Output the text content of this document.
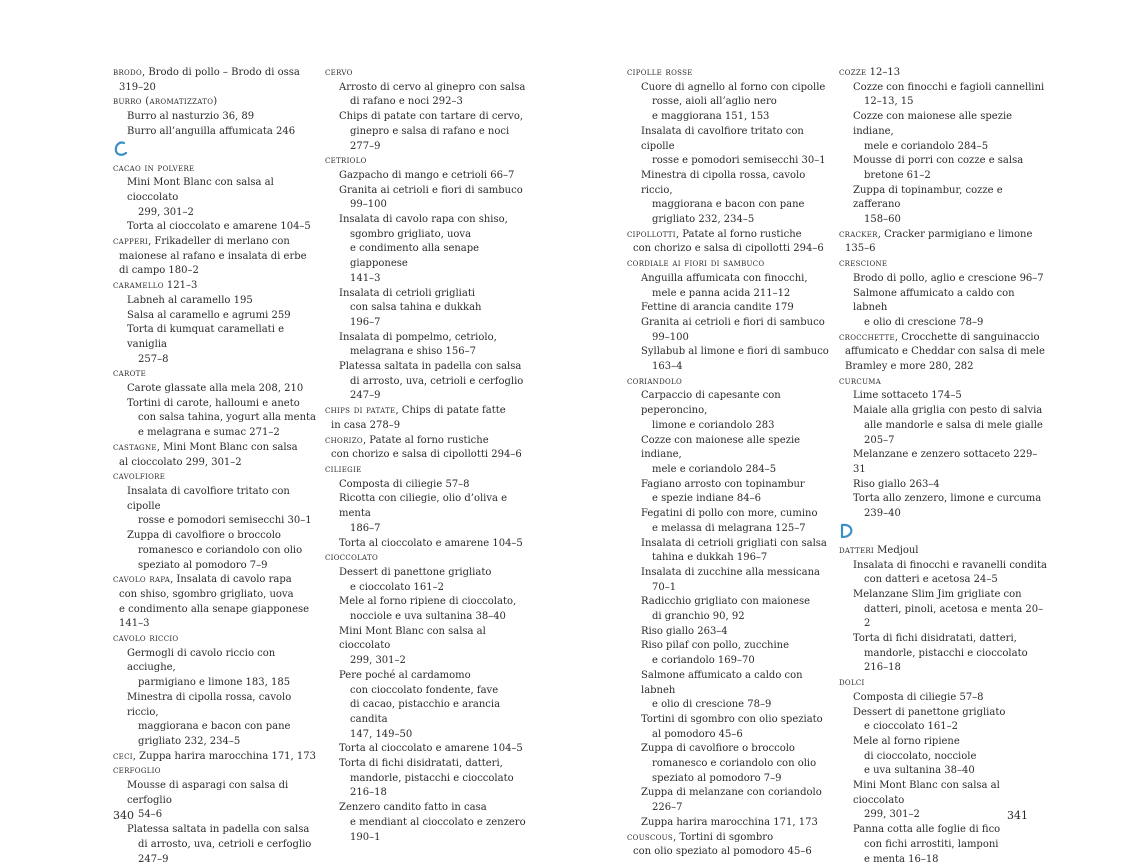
brodo, Brodo di pollo – Brodo di ossa

319–20

burro (aromatizzato)

Burro al nasturzio 36, 89

Burro all’anguilla affumicata 246

cacao in polvere

Mini Mont Blanc con salsa al cioccolato

299, 301–2

Torta al cioccolato e amarene 104–5

capperi, Frikadeller di merlano con

maionese al rafano e insalata di erbe

di campo 180–2

caramello 121–3

Labneh al caramello 195

Salsa al caramello e agrumi 259

Torta di kumquat caramellati e vaniglia

257–8

carote

Carote glassate alla mela 208, 210

Tortini di carote, halloumi e aneto

con salsa tahina, yogurt alla menta

e melagrana e sumac 271–2

castagne, Mini Mont Blanc con salsa

al cioccolato 299, 301–2

cavolfiore

Insalata di cavolfiore tritato con cipolle

rosse e pomodori semisecchi 30–1

Zuppa di cavolfiore o broccolo

romanesco e coriandolo con olio

speziato al pomodoro 7–9

cavolo rapa, Insalata di cavolo rapa

con shiso, sgombro grigliato, uova

e condimento alla senape giapponese

141–3

cavolo riccio

Germogli di cavolo riccio con acciughe,

parmigiano e limone 183, 185

Minestra di cipolla rossa, cavolo riccio,

maggiorana e bacon con pane

grigliato 232, 234–5

ceci, Zuppa harira marocchina 171, 173

cerfoglio

Mousse di asparagi con salsa di cerfoglio

54–6

Platessa saltata in padella con salsa

di arrosto, uva, cetrioli e cerfoglio

247–9

cervo

Arrosto di cervo al ginepro con salsa

di rafano e noci 292–3

Chips di patate con tartare di cervo,

ginepro e salsa di rafano e noci

277–9

cetriolo

Gazpacho di mango e cetrioli 66–7

Granita ai cetrioli e fiori di sambuco

99–100

Insalata di cavolo rapa con shiso,

sgombro grigliato, uova

e condimento alla senape giapponese

141–3

Insalata di cetrioli grigliati

con salsa tahina e dukkah

196–7

Insalata di pompelmo, cetriolo,

melagrana e shiso 156–7

Platessa saltata in padella con salsa

di arrosto, uva, cetrioli e cerfoglio

247–9

chips di patate, Chips di patate fatte

in casa 278–9

chorizo, Patate al forno rustiche

con chorizo e salsa di cipollotti 294–6

ciliegie

Composta di ciliegie 57–8

Ricotta con ciliegie, olio d’oliva e menta

186–7

Torta al cioccolato e amarene 104–5

cioccolato

Dessert di panettone grigliato

e cioccolato 161–2

Mele al forno ripiene di cioccolato,

nocciole e uva sultanina 38–40

Mini Mont Blanc con salsa al cioccolato

299, 301–2

Pere poché al cardamomo

con cioccolato fondente, fave

di cacao, pistacchio e arancia candita

147, 149–50

Torta al cioccolato e amarene 104–5

Torta di fichi disidratati, datteri,

mandorle, pistacchi e cioccolato

216–18

Zenzero candito fatto in casa

e mendiant al cioccolato e zenzero

190–1

cipolle rosse

Cuore di agnello al forno con cipolle

rosse, aioli all’aglio nero

e maggiorana 151, 153

Insalata di cavolfiore tritato con cipolle

rosse e pomodori semisecchi 30–1

Minestra di cipolla rossa, cavolo riccio,

maggiorana e bacon con pane

grigliato 232, 234–5

cipollotti, Patate al forno rustiche

con chorizo e salsa di cipollotti 294–6

cordiale ai fiori di sambuco

Anguilla affumicata con finocchi,

mele e panna acida 211–12

Fettine di arancia candite 179

Granita ai cetrioli e fiori di sambuco

99–100

Syllabub al limone e fiori di sambuco

163–4

coriandolo

Carpaccio di capesante con peperoncino,

limone e coriandolo 283

Cozze con maionese alle spezie indiane,

mele e coriandolo 284–5

Fagiano arrosto con topinambur

e spezie indiane 84–6

Fegatini di pollo con more, cumino

e melassa di melagrana 125–7

Insalata di cetrioli grigliati con salsa

tahina e dukkah 196–7

Insalata di zucchine alla messicana

70–1

Radicchio grigliato con maionese

di granchio 90, 92

Riso giallo 263–4

Riso pilaf con pollo, zucchine

e coriandolo 169–70

Salmone affumicato a caldo con labneh

e olio di crescione 78–9

Tortini di sgombro con olio speziato

al pomodoro 45–6

Zuppa di cavolfiore o broccolo

romanesco e coriandolo con olio

speziato al pomodoro 7–9

Zuppa di melanzane con coriandolo

226–7

Zuppa harira marocchina 171, 173

couscous, Tortini di sgombro

con olio speziato al pomodoro 45–6

cozze 12–13

Cozze con finocchi e fagioli cannellini

12–13, 15

Cozze con maionese alle spezie indiane,

mele e coriandolo 284–5

Mousse di porri con cozze e salsa

bretone 61–2

Zuppa di topinambur, cozze e zafferano

158–60

cracker, Cracker parmigiano e limone

135–6

crescione

Brodo di pollo, aglio e crescione 96–7

Salmone affumicato a caldo con labneh

e olio di crescione 78–9

crocchette, Crocchette di sanguinaccio

affumicato e Cheddar con salsa di mele

Bramley e more 280, 282

curcuma

Lime sottaceto 174–5

Maiale alla griglia con pesto di salvia

alle mandorle e salsa di mele gialle

205–7

Melanzane e zenzero sottaceto 229–31

Riso giallo 263–4

Torta allo zenzero, limone e curcuma

239–40

datteri Medjoul

Insalata di finocchi e ravanelli condita

con datteri e acetosa 24–5

Melanzane Slim Jim grigliate con

datteri, pinoli, acetosa e menta 20–2

Torta di fichi disidratati, datteri,

mandorle, pistacchi e cioccolato

216–18

dolci

Composta di ciliegie 57–8

Dessert di panettone grigliato

e cioccolato 161–2

Mele al forno ripiene

di cioccolato, nocciole

e uva sultanina 38–40

Mini Mont Blanc con salsa al cioccolato

299, 301–2

Panna cotta alle foglie di fico

con fichi arrostiti, lamponi

e menta 16–18

340	341
